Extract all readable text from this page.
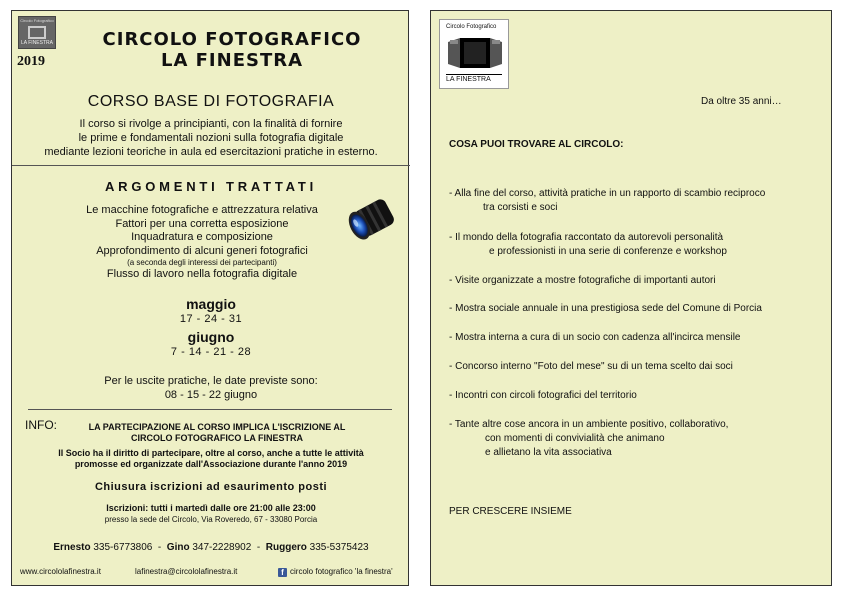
Circolo Fotografico
LA FINESTRA
2019
CIRCOLO FOTOGRAFICO
LA FINESTRA
CORSO BASE DI FOTOGRAFIA
Il corso si rivolge a principianti, con la finalità di fornire
le prime e fondamentali nozioni sulla fotografia digitale
mediante lezioni teoriche in aula ed esercitazioni pratiche in esterno.
ARGOMENTI TRATTATI
Le macchine fotografiche e attrezzatura relativa
Fattori per una corretta esposizione
Inquadratura e composizione
Approfondimento di alcuni generi fotografici
(a seconda degli interessi dei partecipanti)
Flusso di lavoro nella fotografia digitale
maggio
17 - 24 - 31
giugno
7 - 14 - 21 - 28
Per le uscite pratiche, le date previste sono:
08 - 15 - 22 giugno
INFO:	LA PARTECIPAZIONE AL CORSO IMPLICA L'ISCRIZIONE AL
CIRCOLO FOTOGRAFICO LA FINESTRA
Il Socio ha il diritto di partecipare, oltre al corso, anche a tutte le attività
promosse ed organizzate dall'Associazione durante l'anno 2019
Chiusura iscrizioni ad esaurimento posti
Iscrizioni: tutti i martedì dalle ore 21:00 alle 23:00
presso la sede del Circolo, Via Roveredo, 67 - 33080 Porcia
Ernesto 335-6773806 - Gino 347-2228902 - Ruggero 335-5375423
www.circololafinestra.it	lafinestra@circololafinestra.it	f circolo fotografico 'la finestra'
Circolo Fotografico
LA FINESTRA
Da oltre 35 anni…
COSA PUOI TROVARE AL CIRCOLO:
- Alla fine del corso, attività pratiche in un rapporto di scambio reciproco
tra corsisti e soci
- Il mondo della fotografia raccontato da autorevoli personalità
e professionisti in una serie di conferenze e workshop
- Visite organizzate a mostre fotografiche di importanti autori
- Mostra sociale annuale in una prestigiosa sede del Comune di Porcia
- Mostra interna a cura di un socio con cadenza all'incirca mensile
- Concorso interno "Foto del mese" su di un tema scelto dai soci
- Incontri con circoli fotografici del territorio
- Tante altre cose ancora in un ambiente positivo, collaborativo,
con momenti di convivialità che animano
e allietano la vita associativa
PER CRESCERE INSIEME
